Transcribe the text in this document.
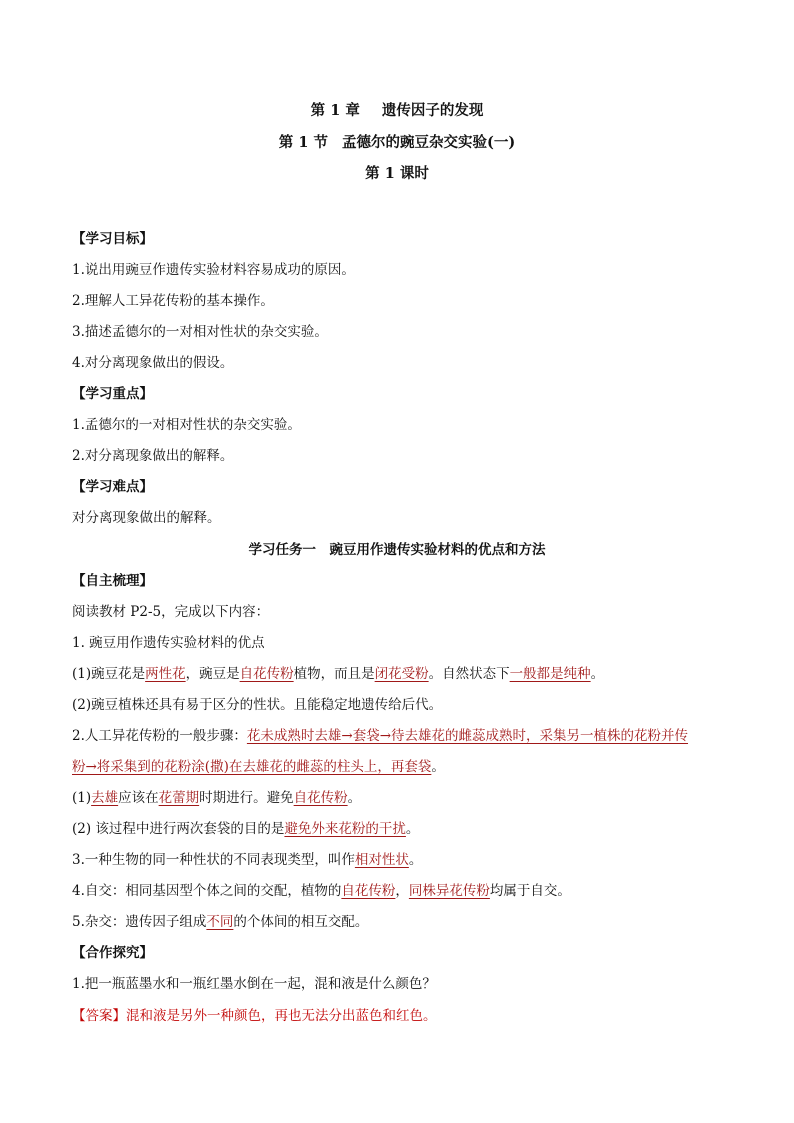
第 1 章 遗传因子的发现
第 1 节 孟德尔的豌豆杂交实验(一)
第 1 课时
【学习目标】
1.说出用豌豆作遗传实验材料容易成功的原因。
2.理解人工异花传粉的基本操作。
3.描述孟德尔的一对相对性状的杂交实验。
4.对分离现象做出的假设。
【学习重点】
1.孟德尔的一对相对性状的杂交实验。
2.对分离现象做出的解释。
【学习难点】
对分离现象做出的解释。
学习任务一　豌豆用作遗传实验材料的优点和方法
【自主梳理】
阅读教材 P2-5，完成以下内容：
1. 豌豆用作遗传实验材料的优点
(1)豌豆花是两性花，豌豆是自花传粉植物，而且是闭花受粉。自然状态下一般都是纯种。
(2)豌豆植株还具有易于区分的性状。且能稳定地遗传给后代。
2.人工异花传粉的一般步骤：花未成熟时去雄→套袋→待去雄花的雌蕊成熟时，采集另一植株的花粉并传
粉→将采集到的花粉涂(撒)在去雄花的雌蕊的柱头上，再套袋。
(1)去雄应该在花蕾期时期进行。避免自花传粉。
(2) 该过程中进行两次套袋的目的是避免外来花粉的干扰。
3.一种生物的同一种性状的不同表现类型，叫作相对性状。
4.自交：相同基因型个体之间的交配，植物的自花传粉，同株异花传粉均属于自交。
5.杂交：遗传因子组成不同的个体间的相互交配。
【合作探究】
1.把一瓶蓝墨水和一瓶红墨水倒在一起，混和液是什么颜色？
【答案】混和液是另外一种颜色，再也无法分出蓝色和红色。
